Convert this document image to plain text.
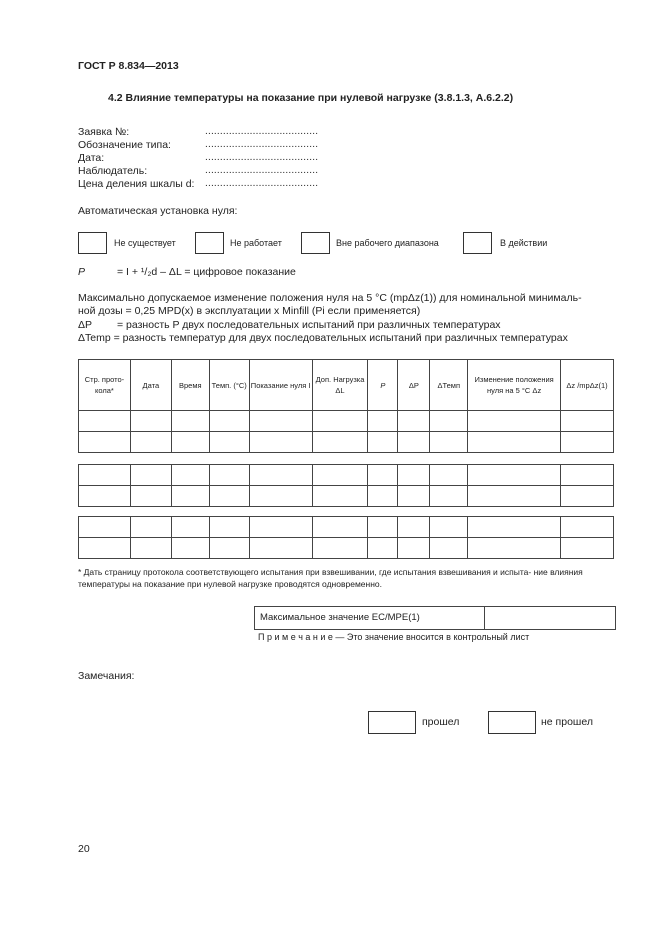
ГОСТ Р 8.834—2013
4.2 Влияние температуры на показание при нулевой нагрузке (3.8.1.3, А.6.2.2)
Заявка №:	......................................
Обозначение типа:	......................................
Дата:	......................................
Наблюдатель:	......................................
Цена деления шкалы d: ......................................
Автоматическая установка нуля:
Не существует	Не работает	Вне рабочего диапазона	В действии
P	= I + ¹/₂d – ΔL = цифровое показание
Максимально допускаемое изменение положения нуля на 5 °С (mpΔz(1)) для номинальной минималь-
ной дозы = 0,25 MPD(x) в эксплуатации x Minfill (Pi если применяется)
ΔP = разность P двух последовательных испытаний при различных температурах
ΔTemp = разность температур для двух последовательных испытаний при различных температурах
Стр. прото- кола*	Дата	Время	Темп. (°С)	Показание нуля I	Доп. Нагрузка ΔL	P	ΔP	ΔТемп	Изменение положения нуля на 5 °С Δz	Δz /mpΔz(1)

* Дать страницу протокола соответствующего испытания при взвешивании, где испытания взвешивания и испыта- ние влияния температуры на показание при нулевой нагрузке проводятся одновременно.
Максимальное значение EC/MPE(1)
П р и м е ч а н и е — Это значение вносится в контрольный лист
Замечания:
прошел	не прошел
20
